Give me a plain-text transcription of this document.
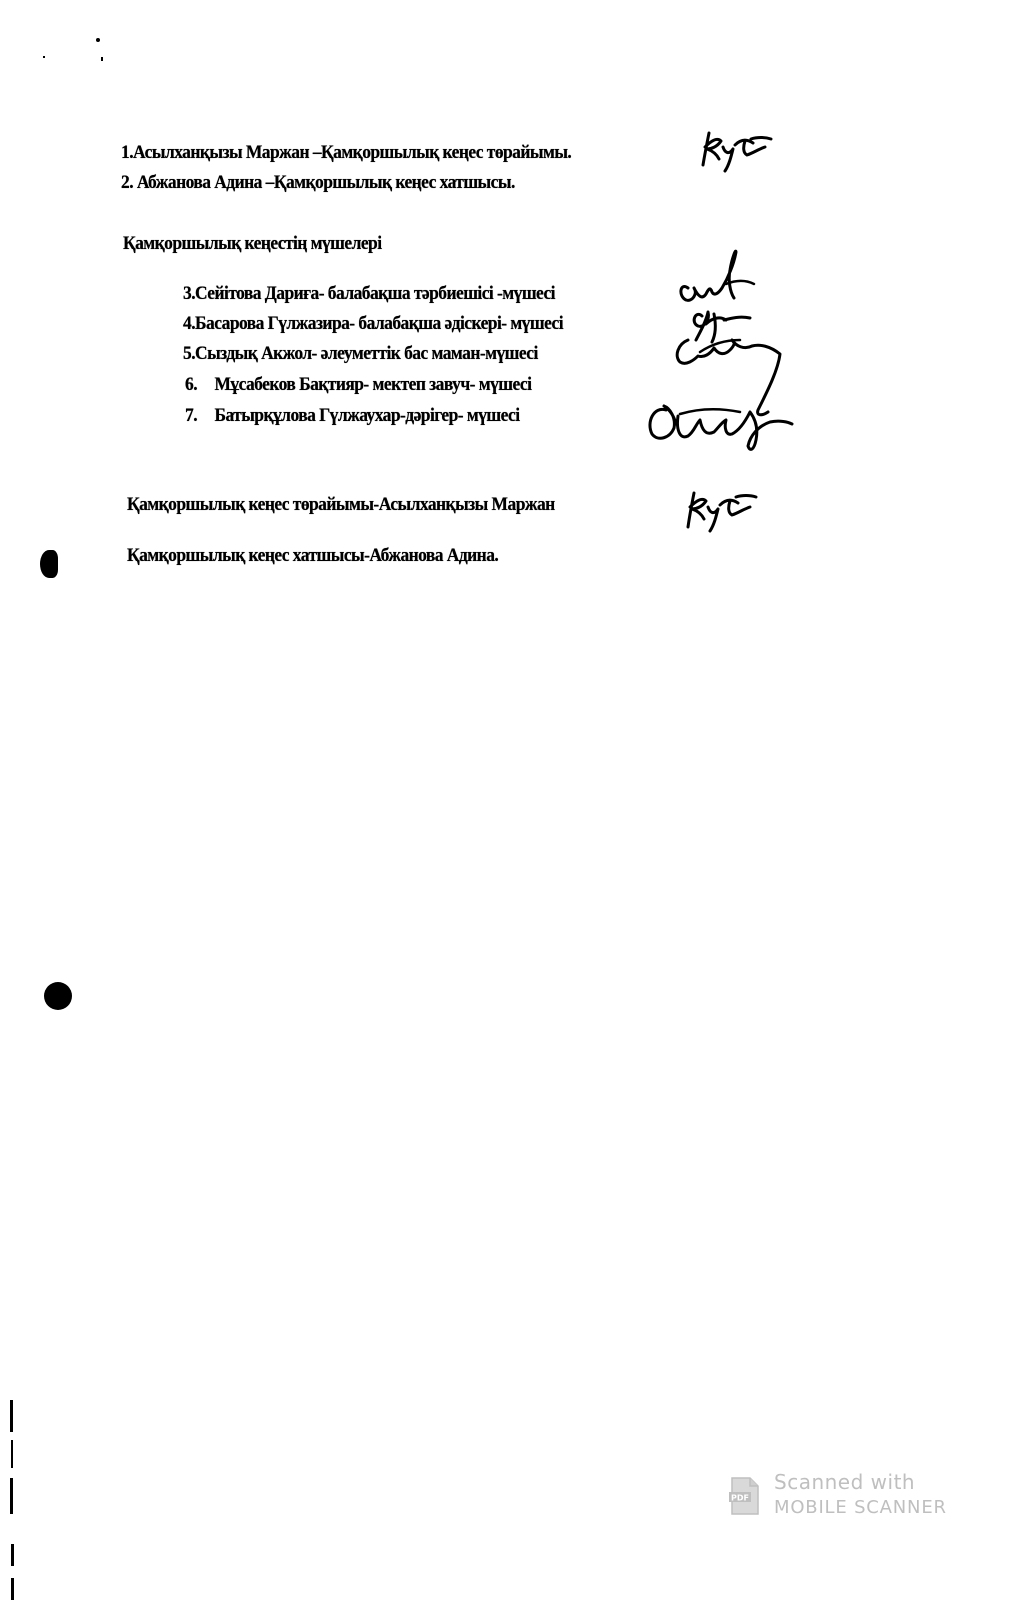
1.Асылханқызы Маржан –Қамқоршылық кеңес төрайымы.
2. Абжанова Адина –Қамқоршылық кеңес хатшысы.
Қамқоршылық кеңестің мүшелері
3.Сейітова Дариға- балабақша тәрбиешісі -мүшесі
4.Басарова Гүлжазира- балабақша әдіскері- мүшесі
5.Сыздық Акжол- әлеуметтік бас маман-мүшесі
6. Мұсабеков Бақтияр- мектеп завуч- мүшесі
7. Батырқұлова Гүлжаухар-дәрігер- мүшесі
Қамқоршылық кеңес төрайымы-Асылханқызы Маржан
Қамқоршылық кеңес хатшысы-Абжанова Адина.
PDF
Scanned with
MOBILE SCANNER
